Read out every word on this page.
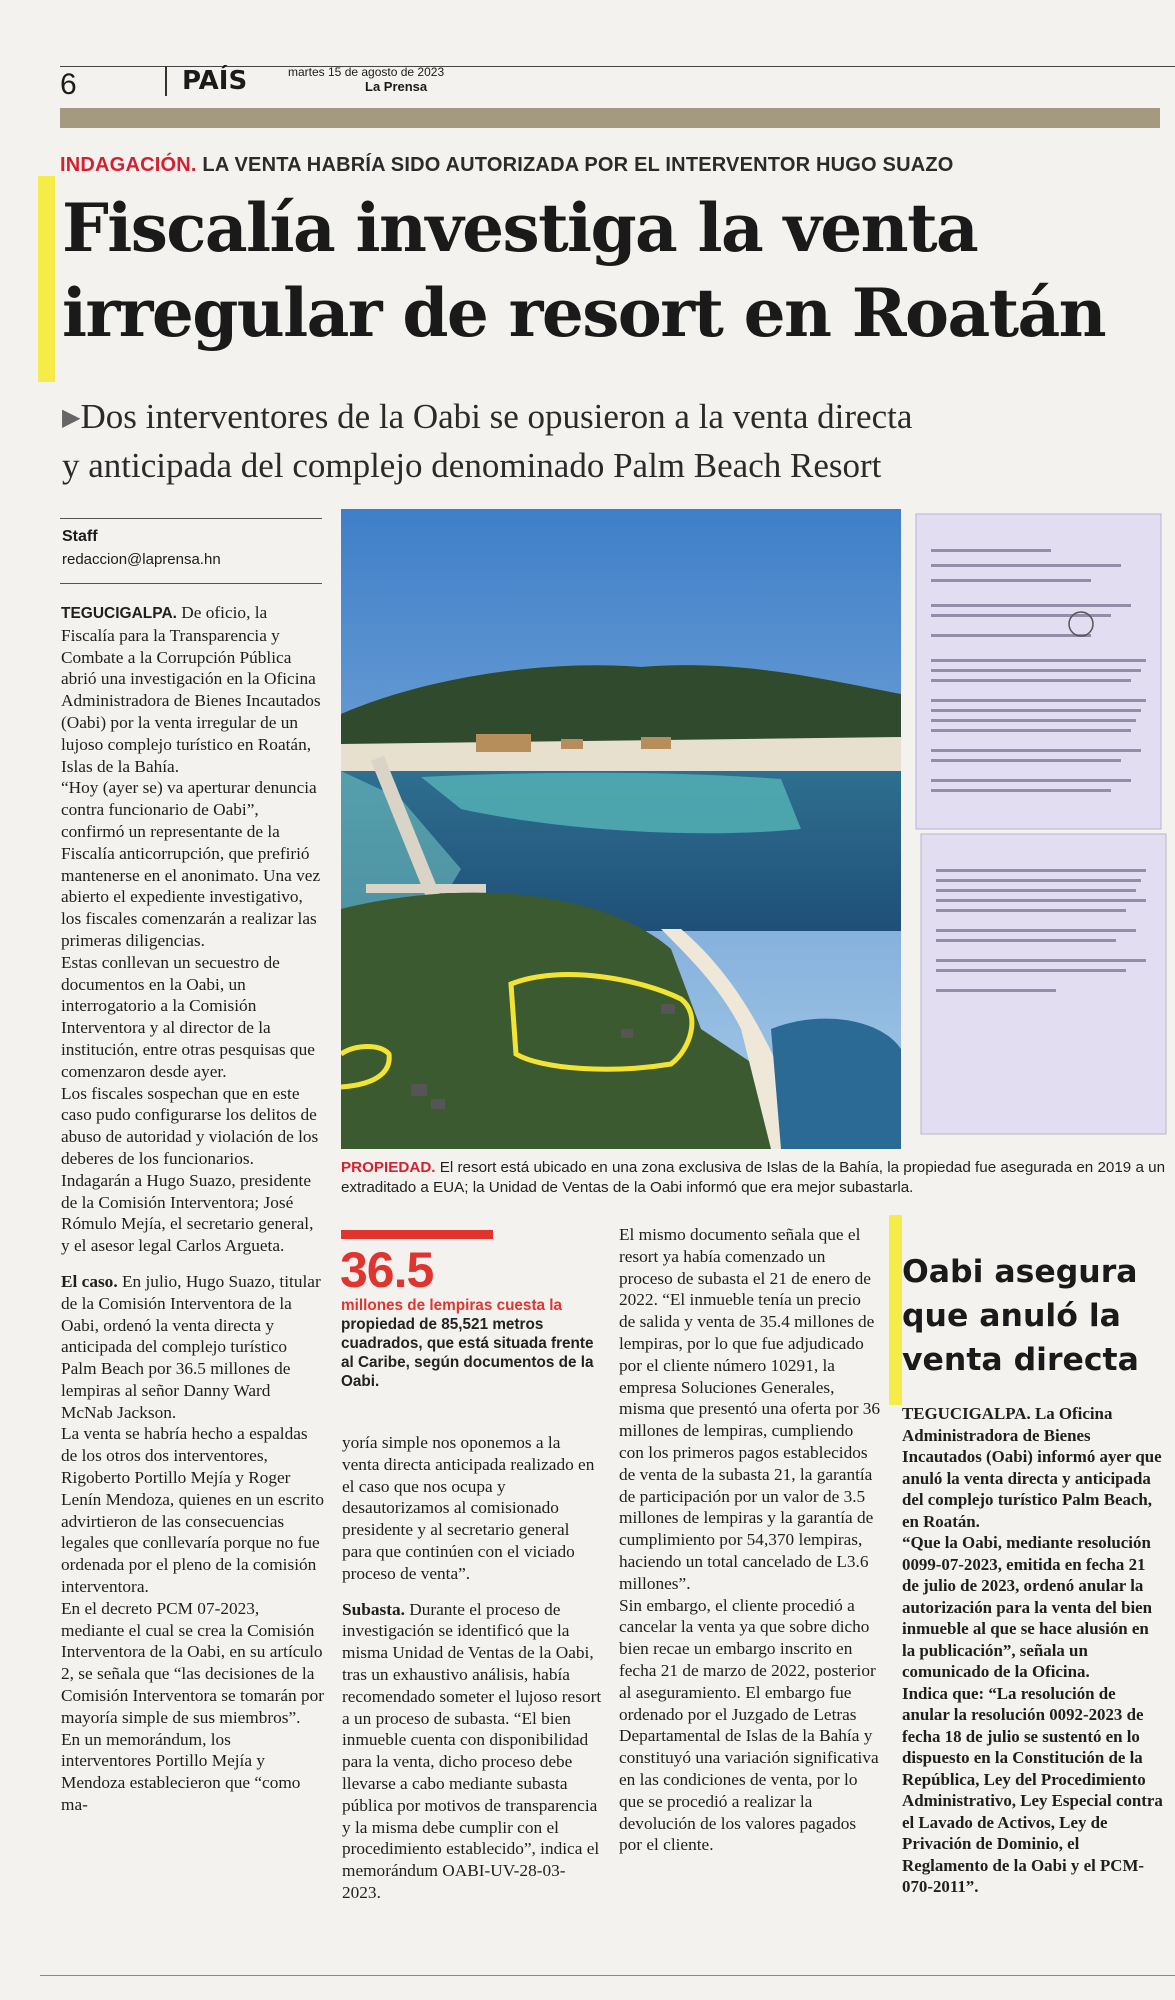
6	PAÍS	martes 15 de agosto de 2023
La Prensa
INDAGACIÓN. LA VENTA HABRÍA SIDO AUTORIZADA POR EL INTERVENTOR HUGO SUAZO
Fiscalía investiga la venta
irregular de resort en Roatán
▶Dos interventores de la Oabi se opusieron a la venta directa
y anticipada del complejo denominado Palm Beach Resort
Staff
redaccion@laprensa.hn

TEGUCIGALPA. De oficio, la Fiscalía para la Transparencia y Combate a la Corrupción Pública abrió una investigación en la Oficina Administradora de Bienes Incautados (Oabi) por la venta irregular de un lujoso complejo turístico en Roatán, Islas de la Bahía.

“Hoy (ayer se) va aperturar denuncia contra funcionario de Oabi”, confirmó un representante de la Fiscalía anticorrupción, que prefirió mantenerse en el anonimato. Una vez abierto el expediente investigativo, los fiscales comenzarán a realizar las primeras diligencias.

Estas conllevan un secuestro de documentos en la Oabi, un interrogatorio a la Comisión Interventora y al director de la institución, entre otras pesquisas que comenzaron desde ayer.

Los fiscales sospechan que en este caso pudo configurarse los delitos de abuso de autoridad y violación de los deberes de los funcionarios. Indagarán a Hugo Suazo, presidente de la Comisión Interventora; José Rómulo Mejía, el secretario general, y el asesor legal Carlos Argueta.

El caso. En julio, Hugo Suazo, titular de la Comisión Interventora de la Oabi, ordenó la venta directa y anticipada del complejo turístico Palm Beach por 36.5 millones de lempiras al señor Danny Ward McNab Jackson.

La venta se habría hecho a espaldas de los otros dos interventores, Rigoberto Portillo Mejía y Roger Lenín Mendoza, quienes en un escrito advirtieron de las consecuencias legales que conllevaría porque no fue ordenada por el pleno de la comisión interventora.

En el decreto PCM 07-2023, mediante el cual se crea la Comisión Interventora de la Oabi, en su artículo 2, se señala que “las decisiones de la Comisión Interventora se tomarán por mayoría simple de sus miembros”.

En un memorándum, los interventores Portillo Mejía y Mendoza establecieron que “como ma-

PROPIEDAD. El resort está ubicado en una zona exclusiva de Islas de la Bahía, la propiedad fue asegurada en 2019 a un extraditado a EUA; la Unidad de Ventas de la Oabi informó que era mejor subastarla.
36.5
millones de lempiras cuesta la propiedad de 85,521 metros cuadrados, que está situada frente al Caribe, según documentos de la Oabi.

yoría simple nos oponemos a la venta directa anticipada realizado en el caso que nos ocupa y desautorizamos al comisionado presidente y al secretario general para que continúen con el viciado proceso de venta”.

Subasta. Durante el proceso de investigación se identificó que la misma Unidad de Ventas de la Oabi, tras un exhaustivo análisis, había recomendado someter el lujoso resort a un proceso de subasta. “El bien inmueble cuenta con disponibilidad para la venta, dicho proceso debe llevarse a cabo mediante subasta pública por motivos de transparencia y la misma debe cumplir con el procedimiento establecido”, indica el memorándum OABI-UV-28-03-2023.

El mismo documento señala que el resort ya había comenzado un proceso de subasta el 21 de enero de 2022. “El inmueble tenía un precio de salida y venta de 35.4 millones de lempiras, por lo que fue adjudicado por el cliente número 10291, la empresa Soluciones Generales, misma que presentó una oferta por 36 millones de lempiras, cumpliendo con los primeros pagos establecidos de venta de la subasta 21, la garantía de participación por un valor de 3.5 millones de lempiras y la garantía de cumplimiento por 54,370 lempiras, haciendo un total cancelado de L3.6 millones”.

Sin embargo, el cliente procedió a cancelar la venta ya que sobre dicho bien recae un embargo inscrito en fecha 21 de marzo de 2022, posterior al aseguramiento. El embargo fue ordenado por el Juzgado de Letras Departamental de Islas de la Bahía y constituyó una variación significativa en las condiciones de venta, por lo que se procedió a realizar la devolución de los valores pagados por el cliente.

Oabi asegura que anuló la venta directa

TEGUCIGALPA. La Oficina Administradora de Bienes Incautados (Oabi) informó ayer que anuló la venta directa y anticipada del complejo turístico Palm Beach, en Roatán.

“Que la Oabi, mediante resolución 0099-07-2023, emitida en fecha 21 de julio de 2023, ordenó anular la autorización para la venta del bien inmueble al que se hace alusión en la publicación”, señala un comunicado de la Oficina.

Indica que: “La resolución de anular la resolución 0092-2023 de fecha 18 de julio se sustentó en lo dispuesto en la Constitución de la República, Ley del Procedimiento Administrativo, Ley Especial contra el Lavado de Activos, Ley de Privación de Dominio, el Reglamento de la Oabi y el PCM-070-2011”.
